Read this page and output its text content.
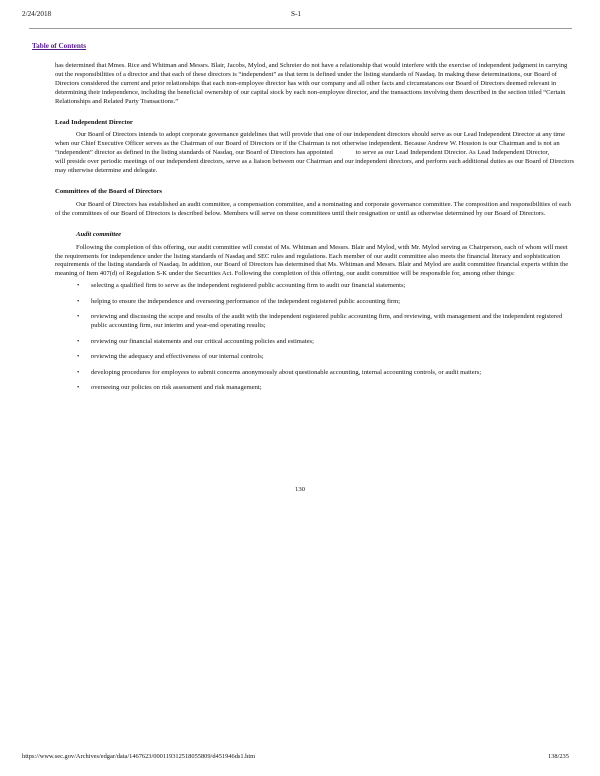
2/24/2018	S-1
Table of Contents

has determined that Mmes. Rice and Whitman and Messrs. Blair, Jacobs, Mylod, and Schreier do not have a relationship that would interfere with the exercise of independent judgment in carrying out the responsibilities of a director and that each of these directors is “independent” as that term is defined under the listing standards of Nasdaq. In making these determinations, our Board of Directors considered the current and prior relationships that each non-employee director has with our company and all other facts and circumstances our Board of Directors deemed relevant in determining their independence, including the beneficial ownership of our capital stock by each non-employee director, and the transactions involving them described in the section titled “Certain Relationships and Related Party Transactions.”

Lead Independent Director

Our Board of Directors intends to adopt corporate governance guidelines that will provide that one of our independent directors should serve as our Lead Independent Director at any time when our Chief Executive Officer serves as the Chairman of our Board of Directors or if the Chairman is not otherwise independent. Because Andrew W. Houston is our Chairman and is not an “independent” director as defined in the listing standards of Nasdaq, our Board of Directors has appointed              to serve as our Lead Independent Director. As Lead Independent Director,              will preside over periodic meetings of our independent directors, serve as a liaison between our Chairman and our independent directors, and perform such additional duties as our Board of Directors may otherwise determine and delegate.

Committees of the Board of Directors

Our Board of Directors has established an audit committee, a compensation committee, and a nominating and corporate governance committee. The composition and responsibilities of each of the committees of our Board of Directors is described below. Members will serve on these committees until their resignation or until as otherwise determined by our Board of Directors.

Audit committee

Following the completion of this offering, our audit committee will consist of Ms. Whitman and Messrs. Blair and Mylod, with Mr. Mylod serving as Chairperson, each of whom will meet the requirements for independence under the listing standards of Nasdaq and SEC rules and regulations. Each member of our audit committee also meets the financial literacy and sophistication requirements of the listing standards of Nasdaq. In addition, our Board of Directors has determined that Ms. Whitman and Messrs. Blair and Mylod are audit committee financial experts within the meaning of Item 407(d) of Regulation S-K under the Securities Act. Following the completion of this offering, our audit committee will be responsible for, among other things:

• selecting a qualified firm to serve as the independent registered public accounting firm to audit our financial statements;
• helping to ensure the independence and overseeing performance of the independent registered public accounting firm;
• reviewing and discussing the scope and results of the audit with the independent registered public accounting firm, and reviewing, with management and the independent registered public accounting firm, our interim and year-end operating results;
• reviewing our financial statements and our critical accounting policies and estimates;
• reviewing the adequacy and effectiveness of our internal controls;
• developing procedures for employees to submit concerns anonymously about questionable accounting, internal accounting controls, or audit matters;
• overseeing our policies on risk assessment and risk management;
130
https://www.sec.gov/Archives/edgar/data/1467623/000119312518055809/d451946ds1.htm	138/235
